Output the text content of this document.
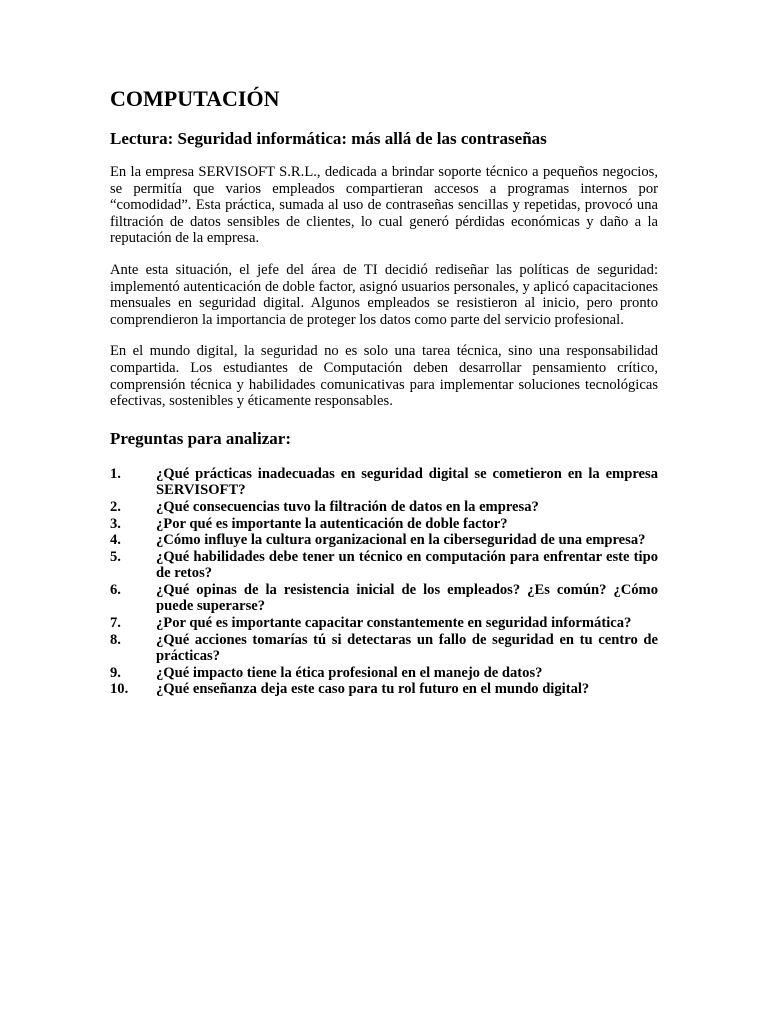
COMPUTACIÓN
Lectura: Seguridad informática: más allá de las contraseñas

En la empresa SERVISOFT S.R.L., dedicada a brindar soporte técnico a pequeños negocios, se permitía que varios empleados compartieran accesos a programas internos por “comodidad”. Esta práctica, sumada al uso de contraseñas sencillas y repetidas, provocó una filtración de datos sensibles de clientes, lo cual generó pérdidas económicas y daño a la reputación de la empresa.

Ante esta situación, el jefe del área de TI decidió rediseñar las políticas de seguridad: implementó autenticación de doble factor, asignó usuarios personales, y aplicó capacitaciones mensuales en seguridad digital. Algunos empleados se resistieron al inicio, pero pronto comprendieron la importancia de proteger los datos como parte del servicio profesional.

En el mundo digital, la seguridad no es solo una tarea técnica, sino una responsabilidad compartida. Los estudiantes de Computación deben desarrollar pensamiento crítico, comprensión técnica y habilidades comunicativas para implementar soluciones tecnológicas efectivas, sostenibles y éticamente responsables.

Preguntas para analizar:
1.	¿Qué prácticas inadecuadas en seguridad digital se cometieron en la empresa SERVISOFT?
2.	¿Qué consecuencias tuvo la filtración de datos en la empresa?
3.	¿Por qué es importante la autenticación de doble factor?
4.	¿Cómo influye la cultura organizacional en la ciberseguridad de una empresa?
5.	¿Qué habilidades debe tener un técnico en computación para enfrentar este tipo de retos?
6.	¿Qué opinas de la resistencia inicial de los empleados? ¿Es común? ¿Cómo puede superarse?
7.	¿Por qué es importante capacitar constantemente en seguridad informática?
8.	¿Qué acciones tomarías tú si detectaras un fallo de seguridad en tu centro de prácticas?
9.	¿Qué impacto tiene la ética profesional en el manejo de datos?
10.	¿Qué enseñanza deja este caso para tu rol futuro en el mundo digital?
